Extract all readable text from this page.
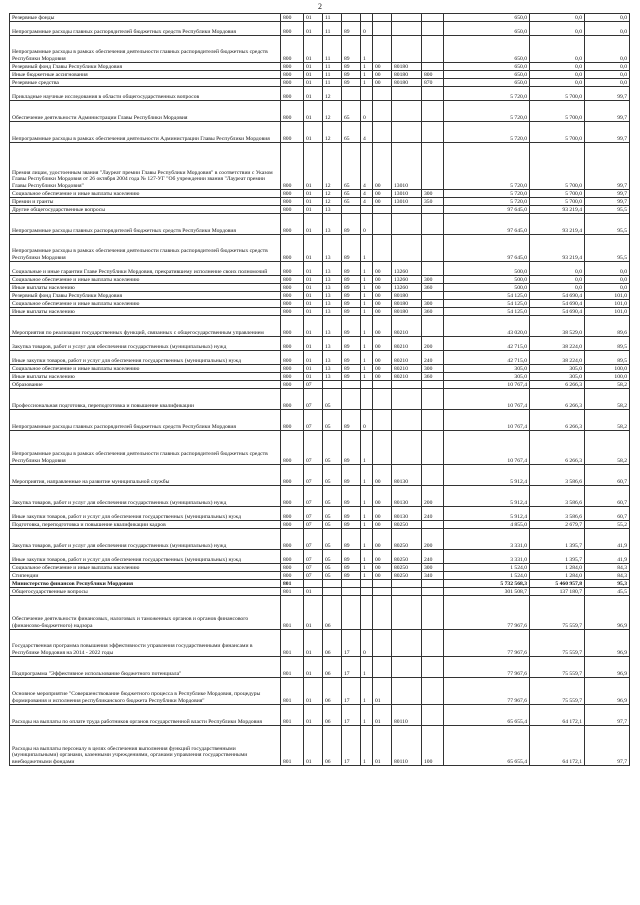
2
Резервные фонды	800	01	11						650,0	0,0	0,0
Непрограммные расходы главных распорядителей бюджетных средств Республики Мордовия	800	01	11	89	0				650,0	0,0	0,0
Непрограммные расходы в рамках обеспечения деятельности главных распорядителей бюджетных средств Республики Мордовия	800	01	11	89	1				650,0	0,0	0,0
Резервный фонд Главы Республики Мордовия	800	01	11	89	1	00	80180		650,0	0,0	0,0
Иные бюджетные ассигнования	800	01	11	89	1	00	80180	800	650,0	0,0	0,0
Резервные средства	800	01	11	89	1	00	80180	870	650,0	0,0	0,0
Прикладные научные исследования в области общегосударственных вопросов	800	01	12						5 720,0	5 700,0	99,7
Обеспечение деятельности Администрации Главы Республики Мордовия	800	01	12	65	0				5 720,0	5 700,0	99,7
Непрограммные расходы в рамках обеспечения деятельности Администрации Главы Республики Мордовия	800	01	12	65	4				5 720,0	5 700,0	99,7
Премия лицам, удостоенным звания "Лауреат премии Главы Республики Мордовия" в соответствии с Указом Главы Республики Мордовия от 26 октября 2004 года № 127-УГ "Об учреждении звания "Лауреат премии Главы Республики Мордовия"	800	01	12	65	4	00	13010		5 720,0	5 700,0	99,7
Социальное обеспечение и иные выплаты населению	800	01	12	65	4	00	13010	300	5 720,0	5 700,0	99,7
Премии и гранты	800	01	12	65	4	00	13010	350	5 720,0	5 700,0	99,7
Другие общегосударственные вопросы	800	01	13						97 645,0	93 219,4	95,5
Непрограммные расходы главных распорядителей бюджетных средств Республики Мордовия	800	01	13	89	0				97 645,0	93 219,4	95,5
Непрограммные расходы в рамках обеспечения деятельности главных распорядителей бюджетных средств Республики Мордовия	800	01	13	89	1				97 645,0	93 219,4	95,5
Социальные и иные гарантии Главе Республики Мордовия, прекратившему исполнение своих полномочий	800	01	13	89	1	00	13260		500,0	0,0	0,0
Социальное обеспечение и иные выплаты населению	800	01	13	89	1	00	13260	300	500,0	0,0	0,0
Иные выплаты населению	800	01	13	89	1	00	13260	360	500,0	0,0	0,0
Резервный фонд Главы Республики Мордовия	800	01	13	89	1	00	80180		54 125,0	54 690,4	101,0
Социальное обеспечение и иные выплаты населению	800	01	13	89	1	00	80180	300	54 125,0	54 690,4	101,0
Иные выплаты населению	800	01	13	89	1	00	80180	360	54 125,0	54 690,4	101,0
Мероприятия по реализации государственных функций, связанных с общегосударственным управлением	800	01	13	89	1	00	80210		43 020,0	38 529,0	89,6
Закупка товаров, работ и услуг для обеспечения государственных (муниципальных) нужд	800	01	13	89	1	00	80210	200	42 715,0	38 224,0	89,5
Иные закупки товаров, работ и услуг для обеспечения государственных (муниципальных) нужд	800	01	13	89	1	00	80210	240	42 715,0	38 224,0	89,5
Социальное обеспечение и иные выплаты населению	800	01	13	89	1	00	80210	300	305,0	305,0	100,0
Иные выплаты населению	800	01	13	89	1	00	80210	360	305,0	305,0	100,0
Образование	800	07							10 767,4	6 266,3	58,2
Профессиональная подготовка, переподготовка и повышение квалификации	800	07	05						10 767,4	6 266,3	58,2
Непрограммные расходы главных распорядителей бюджетных средств Республики Мордовия	800	07	05	89	0				10 767,4	6 266,3	58,2
Непрограммные расходы в рамках обеспечения деятельности главных распорядителей бюджетных средств Республики Мордовия	800	07	05	89	1				10 767,4	6 266,3	58,2
Мероприятия, направленные на развитие муниципальной службы	800	07	05	89	1	00	80130		5 912,4	3 586,6	60,7
Закупка товаров, работ и услуг для обеспечения государственных (муниципальных) нужд	800	07	05	89	1	00	80130	200	5 912,4	3 586,6	60,7
Иные закупки товаров, работ и услуг для обеспечения государственных (муниципальных) нужд	800	07	05	89	1	00	80130	240	5 912,4	3 586,6	60,7
Подготовка, переподготовка и повышение квалификации кадров	800	07	05	89	1	00	80250		4 855,0	2 679,7	55,2
Закупка товаров, работ и услуг для обеспечения государственных (муниципальных) нужд	800	07	05	89	1	00	80250	200	3 331,0	1 395,7	41,9
Иные закупки товаров, работ и услуг для обеспечения государственных (муниципальных) нужд	800	07	05	89	1	00	80250	240	3 331,0	1 395,7	41,9
Социальное обеспечение и иные выплаты населению	800	07	05	89	1	00	80250	300	1 524,0	1 284,0	84,3
Стипендии	800	07	05	89	1	00	80250	340	1 524,0	1 284,0	84,3
Министерство финансов Республики Мордовия	801								5 732 568,3	5 460 957,8	95,3
Общегосударственные вопросы	801	01							301 508,7	137 180,7	45,5
Обеспечение деятельности финансовых, налоговых и таможенных органов и органов финансового (финансово-бюджетного) надзора	801	01	06						77 967,6	75 559,7	96,9
Государственная программа повышения эффективности управления государственными финансами в Республике Мордовия на 2014 - 2022 годы	801	01	06	17	0				77 967,6	75 559,7	96,9
Подпрограмма "Эффективное использование бюджетного потенциала"	801	01	06	17	1				77 967,6	75 559,7	96,9
Основное мероприятие "Совершенствование бюджетного процесса в Республике Мордовия, процедуры формирования и исполнения республиканского бюджета Республики Мордовия"	801	01	06	17	1	01			77 967,6	75 559,7	96,9
Расходы на выплаты по оплате труда работников органов государственной власти Республики Мордовия	801	01	06	17	1	01	80110		65 655,4	64 172,1	97,7
Расходы на выплаты персоналу в целях обеспечения выполнения функций государственными (муниципальными) органами, казенными учреждениями, органами управления государственными внебюджетными фондами	801	01	06	17	1	01	80110	100	65 655,4	64 172,1	97,7
